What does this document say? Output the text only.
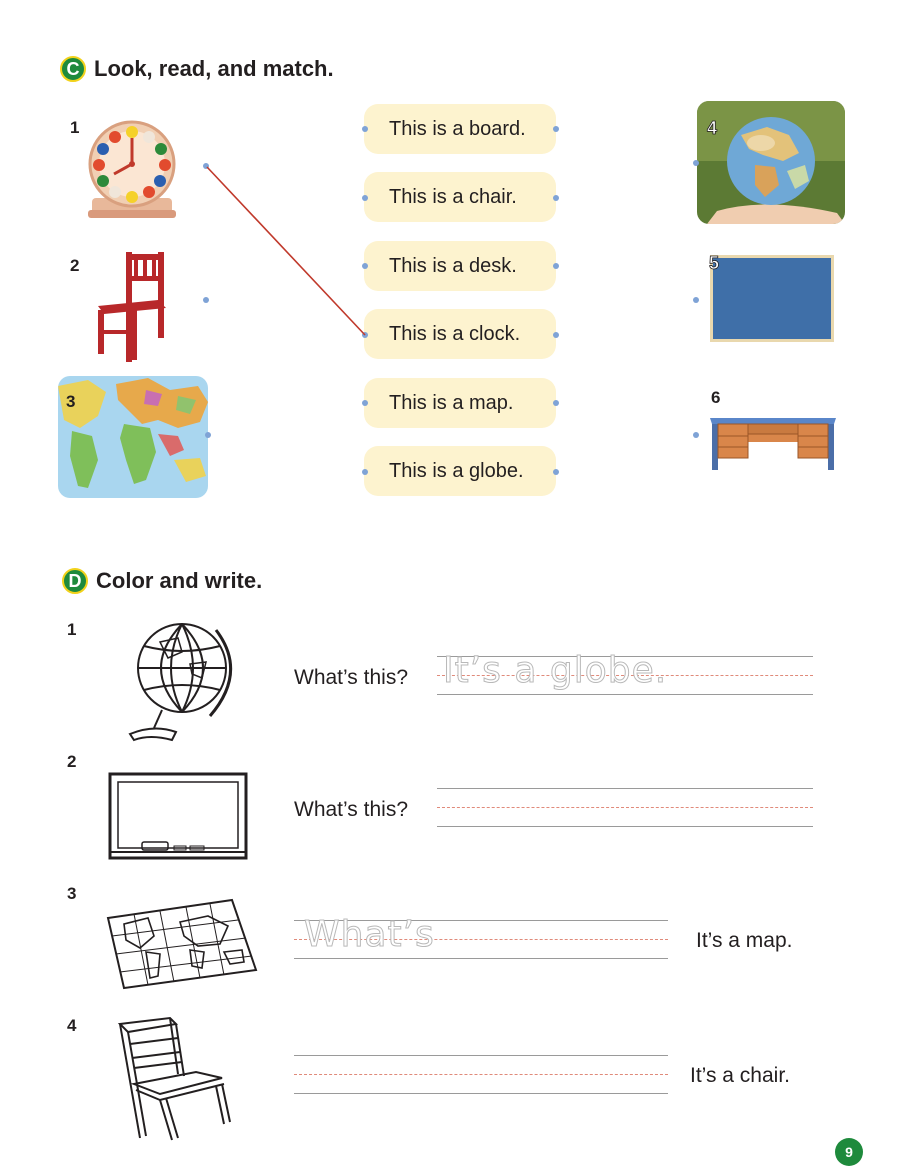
C Look, read, and match.
1
2
3
4
5
6
This is a board.
This is a chair.
This is a desk.
This is a clock.
This is a map.
This is a globe.
D Color and write.
1
2
3
4
What’s this? It’s a globe.
What’s this?
What’s	It’s a map.
It’s a chair.
9
